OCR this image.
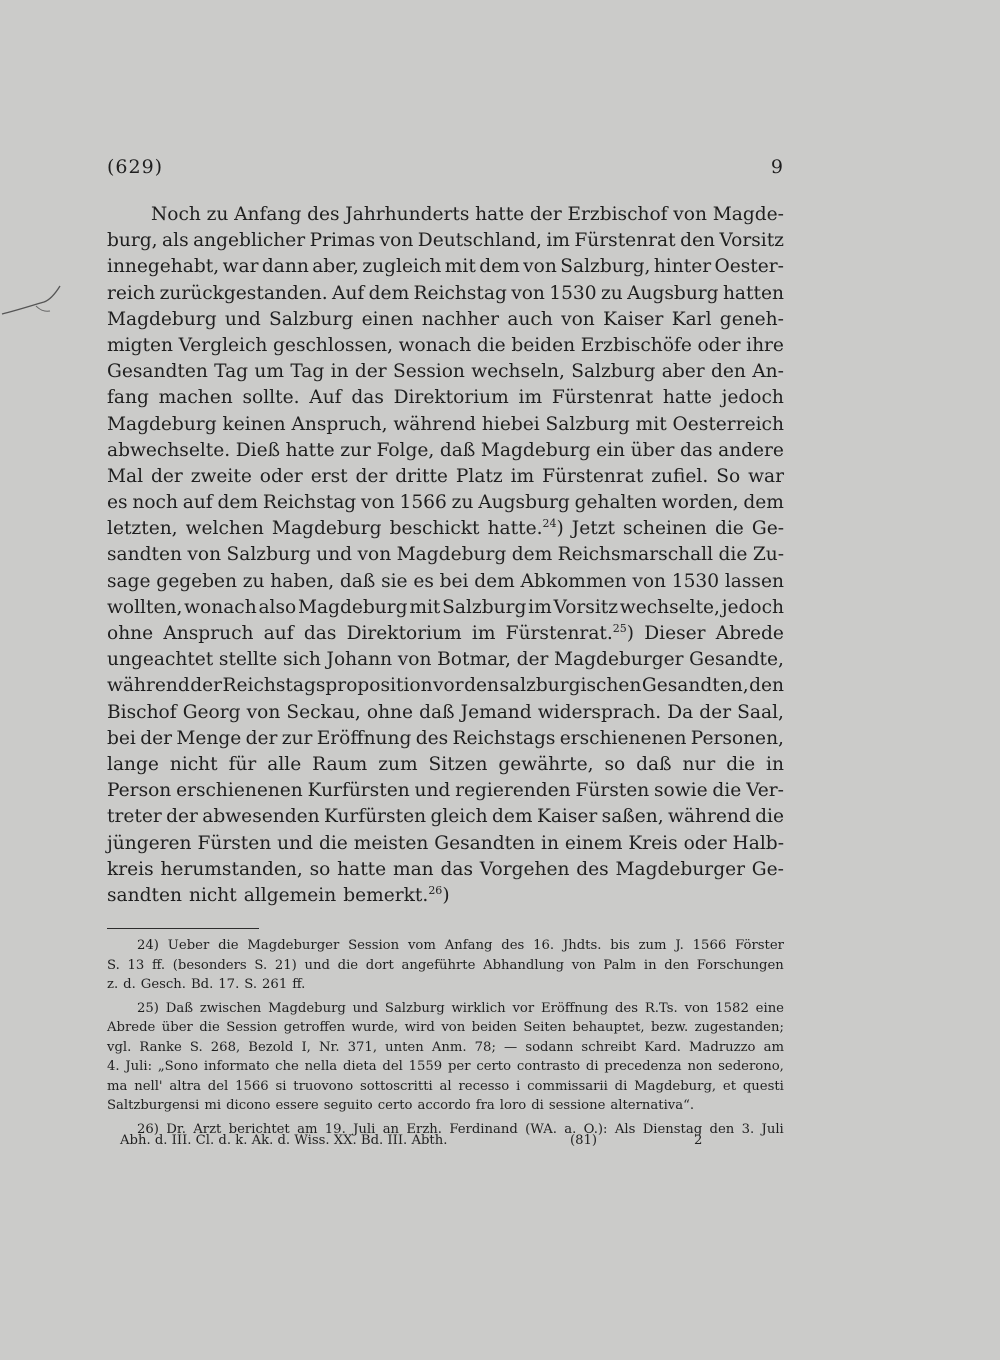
(629)	9
Noch zu Anfang des Jahrhunderts hatte der Erzbischof von Magde-
burg, als angeblicher Primas von Deutschland, im Fürstenrat den Vorsitz
innegehabt, war dann aber, zugleich mit dem von Salzburg, hinter Oester-
reich zurückgestanden. Auf dem Reichstag von 1530 zu Augsburg hatten
Magdeburg und Salzburg einen nachher auch von Kaiser Karl geneh-
migten Vergleich geschlossen, wonach die beiden Erzbischöfe oder ihre
Gesandten Tag um Tag in der Session wechseln, Salzburg aber den An-
fang machen sollte. Auf das Direktorium im Fürstenrat hatte jedoch
Magdeburg keinen Anspruch, während hiebei Salzburg mit Oesterreich
abwechselte. Dieß hatte zur Folge, daß Magdeburg ein über das andere
Mal der zweite oder erst der dritte Platz im Fürstenrat zufiel. So war
es noch auf dem Reichstag von 1566 zu Augsburg gehalten worden, dem
letzten, welchen Magdeburg beschickt hatte.$^{24}$) Jetzt scheinen die Ge-
sandten von Salzburg und von Magdeburg dem Reichsmarschall die Zu-
sage gegeben zu haben, daß sie es bei dem Abkommen von 1530 lassen
wollten, wonach also Magdeburg mit Salzburg im Vorsitz wechselte, jedoch
ohne Anspruch auf das Direktorium im Fürstenrat.$^{25}$) Dieser Abrede
ungeachtet stellte sich Johann von Botmar, der Magdeburger Gesandte,
während der Reichstagsproposition vor den salzburgischen Gesandten, den
Bischof Georg von Seckau, ohne daß Jemand widersprach. Da der Saal,
bei der Menge der zur Eröffnung des Reichstags erschienenen Personen,
lange nicht für alle Raum zum Sitzen gewährte, so daß nur die in
Person erschienenen Kurfürsten und regierenden Fürsten sowie die Ver-
treter der abwesenden Kurfürsten gleich dem Kaiser saßen, während die
jüngeren Fürsten und die meisten Gesandten in einem Kreis oder Halb-
kreis herumstanden, so hatte man das Vorgehen des Magdeburger Ge-
sandten nicht allgemein bemerkt.$^{26}$)
24) Ueber die Magdeburger Session vom Anfang des 16. Jhdts. bis zum J. 1566 Förster
S. 13 ff. (besonders S. 21) und die dort angeführte Abhandlung von Palm in den Forschungen
z. d. Gesch. Bd. 17. S. 261 ff.
25) Daß zwischen Magdeburg und Salzburg wirklich vor Eröffnung des R.Ts. von 1582 eine
Abrede über die Session getroffen wurde, wird von beiden Seiten behauptet, bezw. zugestanden;
vgl. Ranke S. 268, Bezold I, Nr. 371, unten Anm. 78; — sodann schreibt Kard. Madruzzo am
4. Juli: „Sono informato che nella dieta del 1559 per certo contrasto di precedenza non sederono,
ma nell' altra del 1566 si truovono sottoscritti al recesso i commissarii di Magdeburg, et questi
Saltzburgensi mi dicono essere seguito certo accordo fra loro di sessione alternativa“.
26) Dr. Arzt berichtet am 19. Juli an Erzh. Ferdinand (WA. a. O.): Als Dienstag den 3. Juli
Abh. d. III. Cl. d. k. Ak. d. Wiss. XX. Bd. III. Abth.	(81)	2
